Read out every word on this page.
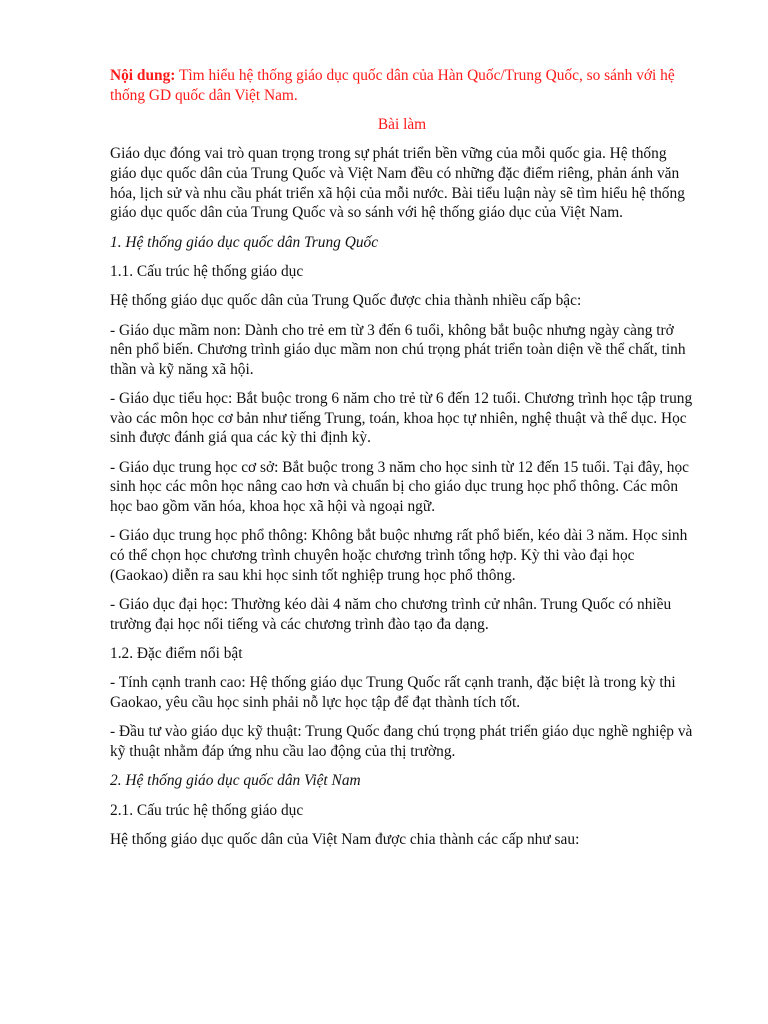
Nội dung: Tìm hiểu hệ thống giáo dục quốc dân của Hàn Quốc/Trung Quốc, so sánh với hệ thống GD quốc dân Việt Nam.

Bài làm

Giáo dục đóng vai trò quan trọng trong sự phát triển bền vững của mỗi quốc gia. Hệ thống giáo dục quốc dân của Trung Quốc và Việt Nam đều có những đặc điểm riêng, phản ánh văn hóa, lịch sử và nhu cầu phát triển xã hội của mỗi nước. Bài tiểu luận này sẽ tìm hiểu hệ thống giáo dục quốc dân của Trung Quốc và so sánh với hệ thống giáo dục của Việt Nam.

1. Hệ thống giáo dục quốc dân Trung Quốc

1.1. Cấu trúc hệ thống giáo dục

Hệ thống giáo dục quốc dân của Trung Quốc được chia thành nhiều cấp bậc:

- Giáo dục mầm non: Dành cho trẻ em từ 3 đến 6 tuổi, không bắt buộc nhưng ngày càng trở nên phổ biến. Chương trình giáo dục mầm non chú trọng phát triển toàn diện về thể chất, tinh thần và kỹ năng xã hội.

- Giáo dục tiểu học: Bắt buộc trong 6 năm cho trẻ từ 6 đến 12 tuổi. Chương trình học tập trung vào các môn học cơ bản như tiếng Trung, toán, khoa học tự nhiên, nghệ thuật và thể dục. Học sinh được đánh giá qua các kỳ thi định kỳ.

- Giáo dục trung học cơ sở: Bắt buộc trong 3 năm cho học sinh từ 12 đến 15 tuổi. Tại đây, học sinh học các môn học nâng cao hơn và chuẩn bị cho giáo dục trung học phổ thông. Các môn học bao gồm văn hóa, khoa học xã hội và ngoại ngữ.

- Giáo dục trung học phổ thông: Không bắt buộc nhưng rất phổ biến, kéo dài 3 năm. Học sinh có thể chọn học chương trình chuyên hoặc chương trình tổng hợp. Kỳ thi vào đại học (Gaokao) diễn ra sau khi học sinh tốt nghiệp trung học phổ thông.

- Giáo dục đại học: Thường kéo dài 4 năm cho chương trình cử nhân. Trung Quốc có nhiều trường đại học nổi tiếng và các chương trình đào tạo đa dạng.

1.2. Đặc điểm nổi bật

- Tính cạnh tranh cao: Hệ thống giáo dục Trung Quốc rất cạnh tranh, đặc biệt là trong kỳ thi Gaokao, yêu cầu học sinh phải nỗ lực học tập để đạt thành tích tốt.

- Đầu tư vào giáo dục kỹ thuật: Trung Quốc đang chú trọng phát triển giáo dục nghề nghiệp và kỹ thuật nhằm đáp ứng nhu cầu lao động của thị trường.

2. Hệ thống giáo dục quốc dân Việt Nam

2.1. Cấu trúc hệ thống giáo dục

Hệ thống giáo dục quốc dân của Việt Nam được chia thành các cấp như sau:
